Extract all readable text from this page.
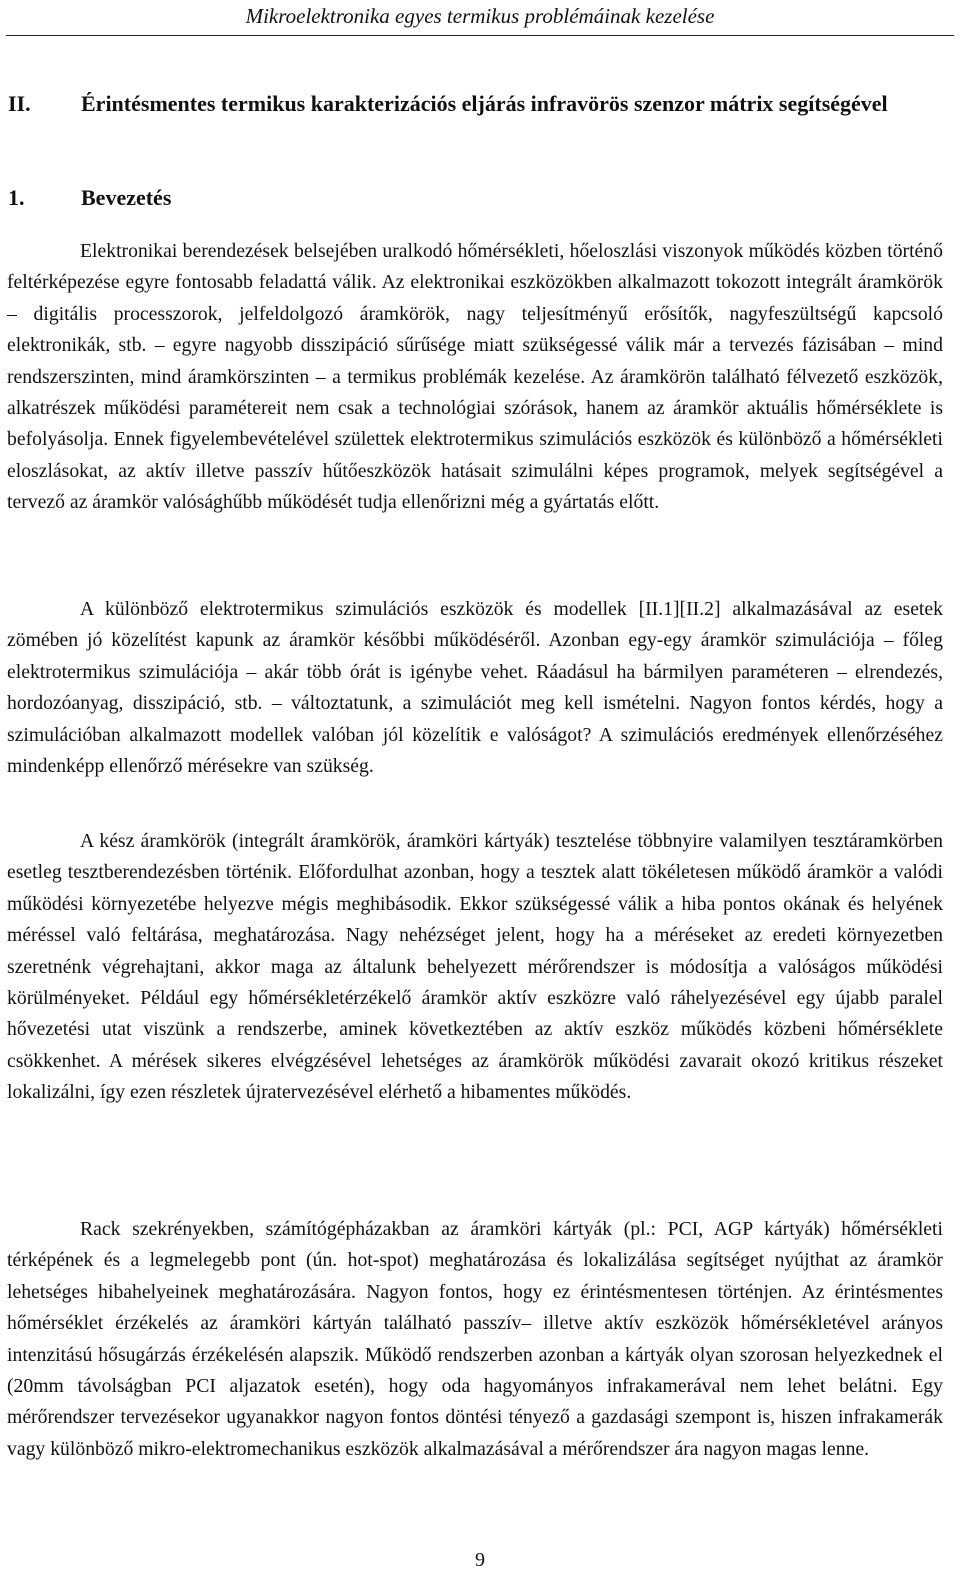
Mikroelektronika egyes termikus problémáinak kezelése
II. Érintésmentes termikus karakterizációs eljárás infravörös szenzor mátrix segítségével
1.	Bevezetés

Elektronikai berendezések belsejében uralkodó hőmérsékleti, hőeloszlási viszonyok működés közben történő feltérképezése egyre fontosabb feladattá válik. Az elektronikai eszközökben alkalmazott tokozott integrált áramkörök – digitális processzorok, jelfeldolgozó áramkörök, nagy teljesítményű erősítők, nagyfeszültségű kapcsoló elektronikák, stb. – egyre nagyobb disszipáció sűrűsége miatt szükségessé válik már a tervezés fázisában – mind rendszerszinten, mind áramkörszinten – a termikus problémák kezelése. Az áramkörön található félvezető eszközök, alkatrészek működési paramétereit nem csak a technológiai szórások, hanem az áramkör aktuális hőmérséklete is befolyásolja. Ennek figyelembevételével születtek elektrotermikus szimulációs eszközök és különböző a hőmérsékleti eloszlásokat, az aktív illetve passzív hűtőeszközök hatásait szimulálni képes programok, melyek segítségével a tervező az áramkör valósághűbb működését tudja ellenőrizni még a gyártatás előtt.

A különböző elektrotermikus szimulációs eszközök és modellek [II.1][II.2] alkalmazásával az esetek zömében jó közelítést kapunk az áramkör későbbi működéséről. Azonban egy-egy áramkör szimulációja – főleg elektrotermikus szimulációja – akár több órát is igénybe vehet. Ráadásul ha bármilyen paraméteren – elrendezés, hordozóanyag, disszipáció, stb. – változtatunk, a szimulációt meg kell ismételni. Nagyon fontos kérdés, hogy a szimulációban alkalmazott modellek valóban jól közelítik e valóságot? A szimulációs eredmények ellenőrzéséhez mindenképp ellenőrző mérésekre van szükség.

A kész áramkörök (integrált áramkörök, áramköri kártyák) tesztelése többnyire valamilyen tesztáramkörben esetleg tesztberendezésben történik. Előfordulhat azonban, hogy a tesztek alatt tökéletesen működő áramkör a valódi működési környezetébe helyezve mégis meghibásodik. Ekkor szükségessé válik a hiba pontos okának és helyének méréssel való feltárása, meghatározása. Nagy nehézséget jelent, hogy ha a méréseket az eredeti környezetben szeretnénk végrehajtani, akkor maga az általunk behelyezett mérőrendszer is módosítja a valóságos működési körülményeket. Például egy hőmérsékletérzékelő áramkör aktív eszközre való ráhelyezésével egy újabb paralel hővezetési utat viszünk a rendszerbe, aminek következtében az aktív eszköz működés közbeni hőmérséklete csökkenhet. A mérések sikeres elvégzésével lehetséges az áramkörök működési zavarait okozó kritikus részeket lokalizálni, így ezen részletek újratervezésével elérhető a hibamentes működés.

Rack szekrényekben, számítógépházakban az áramköri kártyák (pl.: PCI, AGP kártyák) hőmérsékleti térképének és a legmelegebb pont (ún. hot-spot) meghatározása és lokalizálása segítséget nyújthat az áramkör lehetséges hibahelyeinek meghatározására. Nagyon fontos, hogy ez érintésmentesen történjen. Az érintésmentes hőmérséklet érzékelés az áramköri kártyán található passzív– illetve aktív eszközök hőmérsékletével arányos intenzitású hősugárzás érzékelésén alapszik. Működő rendszerben azonban a kártyák olyan szorosan helyezkednek el (20mm távolságban PCI aljazatok esetén), hogy oda hagyományos infrakamerával nem lehet belátni. Egy mérőrendszer tervezésekor ugyanakkor nagyon fontos döntési tényező a gazdasági szempont is, hiszen infrakamerák vagy különböző mikro-elektromechanikus eszközök alkalmazásával a mérőrendszer ára nagyon magas lenne.

9
